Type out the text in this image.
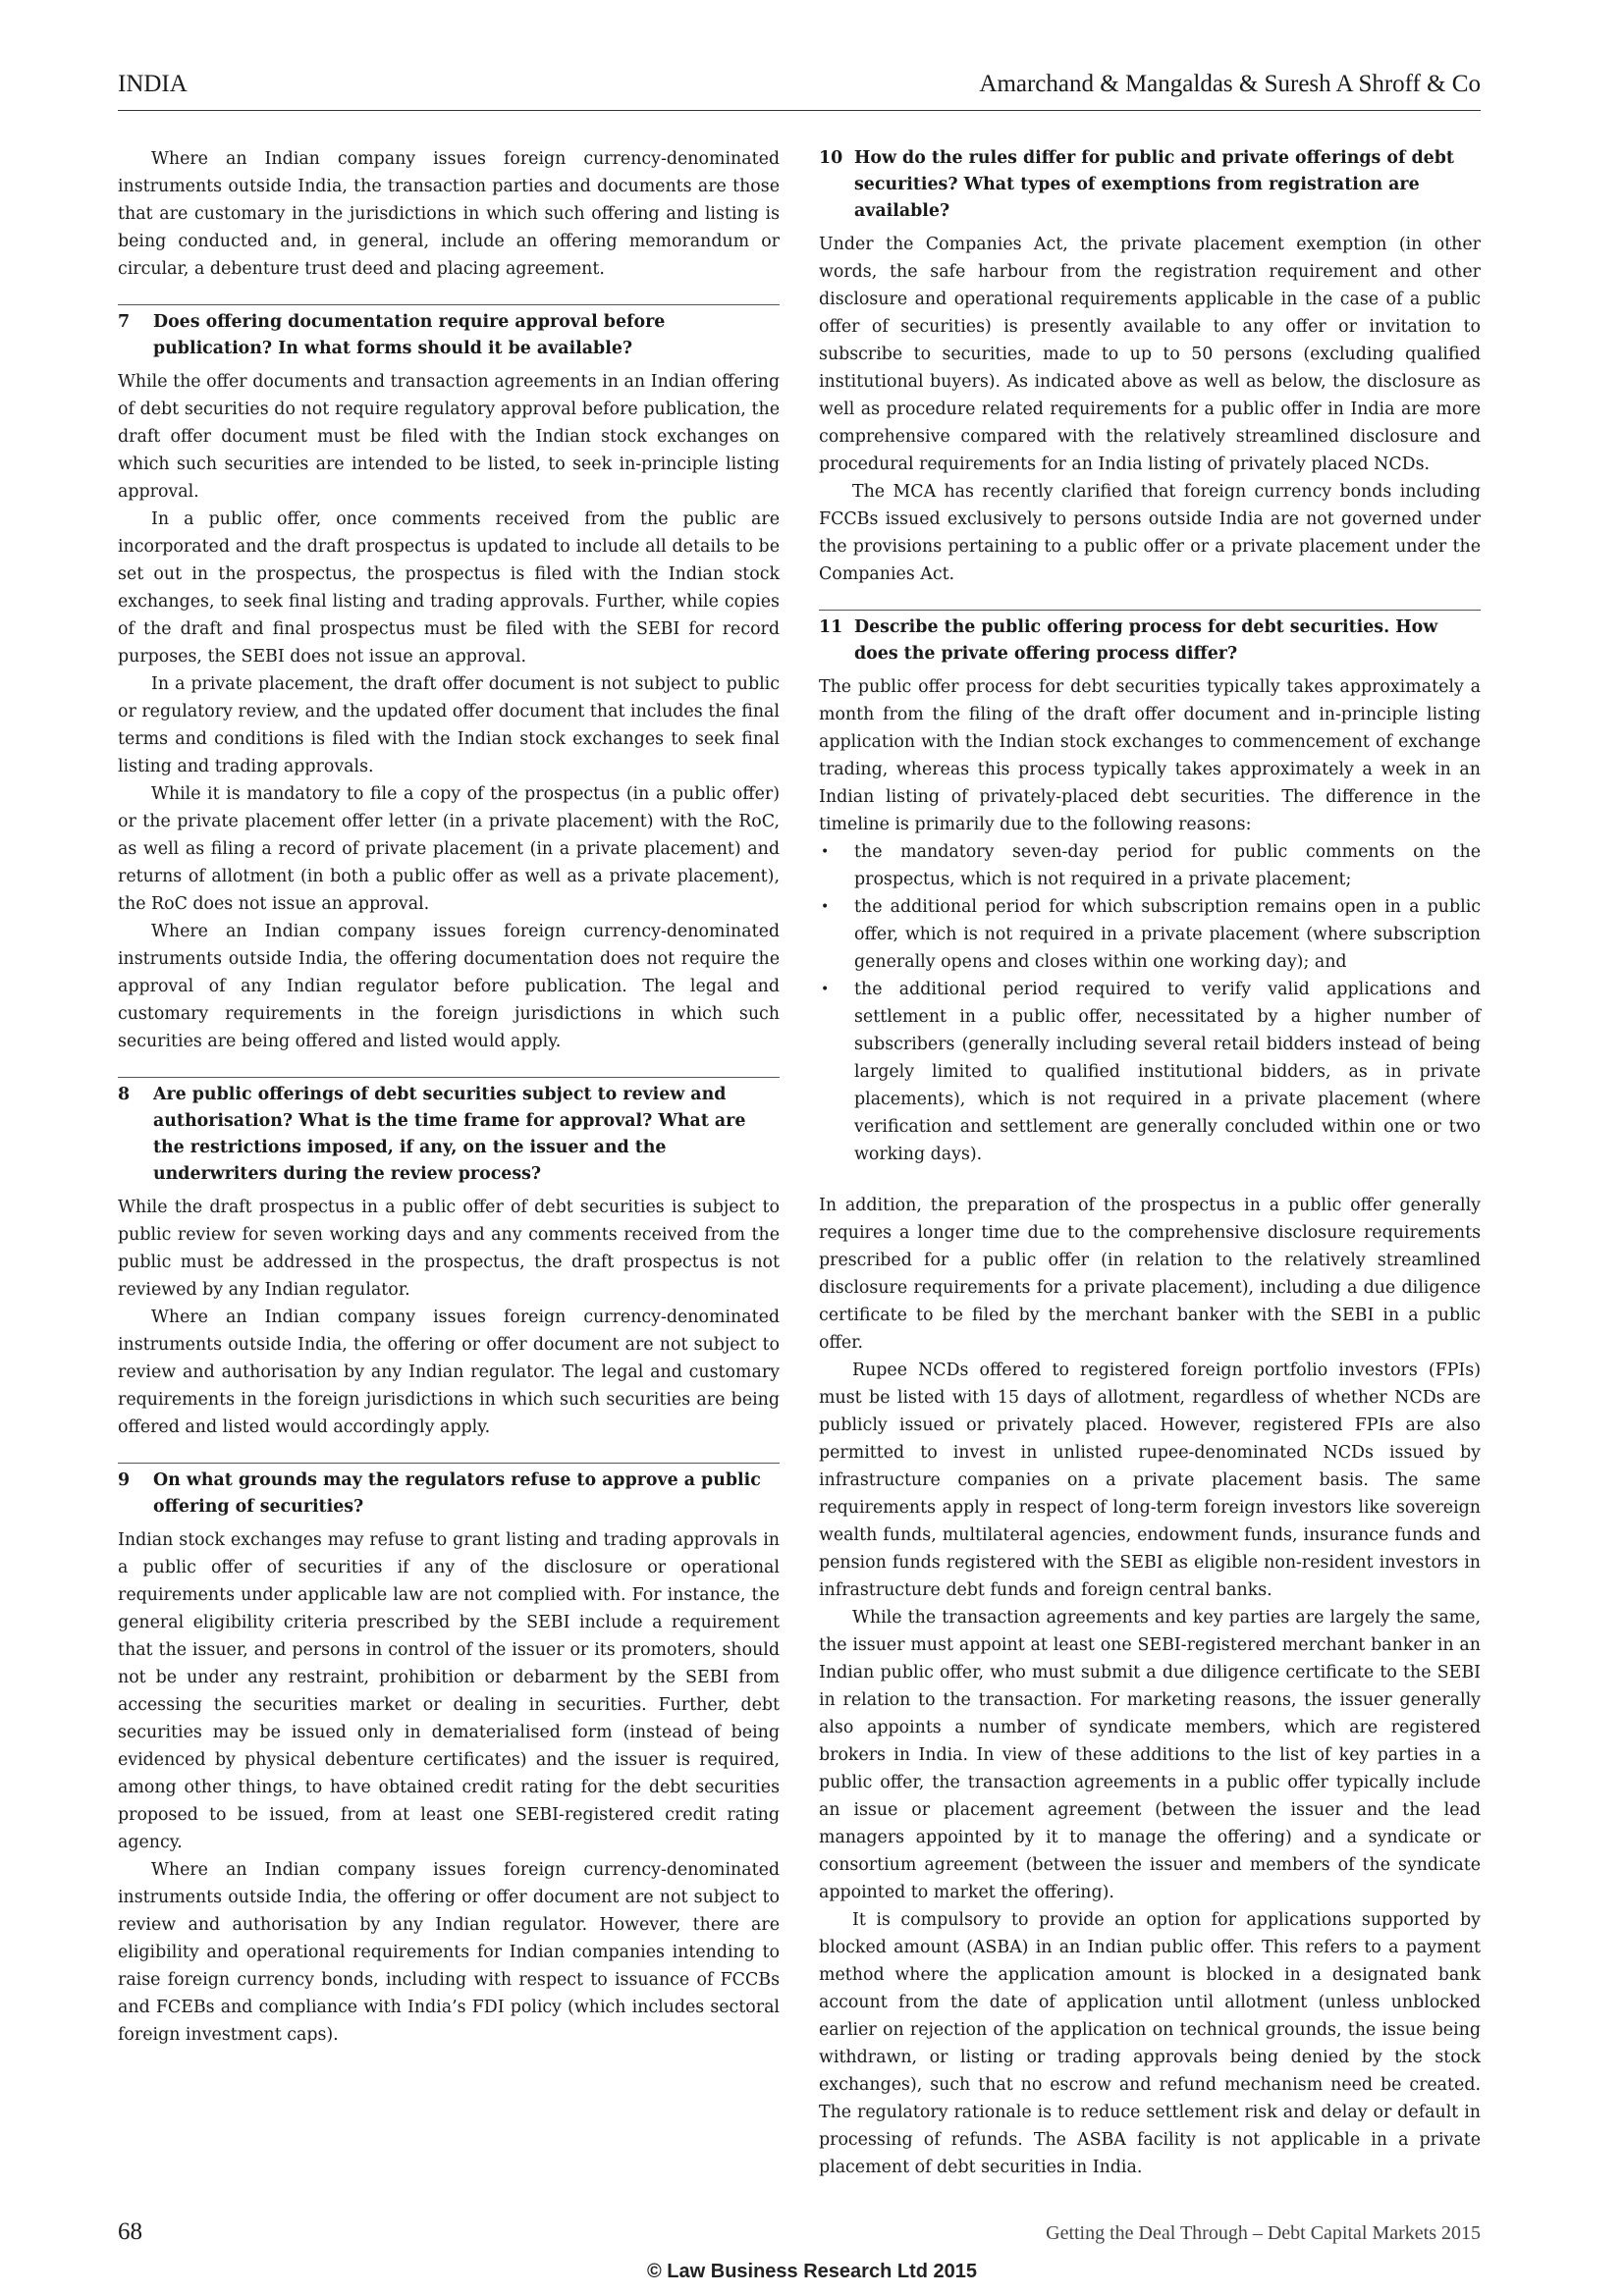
INDIA	Amarchand & Mangaldas & Suresh A Shroff & Co

Where an Indian company issues foreign currency-denominated instruments outside India, the transaction parties and documents are those that are customary in the jurisdictions in which such offering and listing is being conducted and, in general, include an offering memorandum or circular, a debenture trust deed and placing agreement.

7	Does offering documentation require approval before publication? In what forms should it be available?

While the offer documents and transaction agreements in an Indian offering of debt securities do not require regulatory approval before publication, the draft offer document must be filed with the Indian stock exchanges on which such securities are intended to be listed, to seek in-principle listing approval.

In a public offer, once comments received from the public are incorporated and the draft prospectus is updated to include all details to be set out in the prospectus, the prospectus is filed with the Indian stock exchanges, to seek final listing and trading approvals. Further, while copies of the draft and final prospectus must be filed with the SEBI for record purposes, the SEBI does not issue an approval.

In a private placement, the draft offer document is not subject to public or regulatory review, and the updated offer document that includes the final terms and conditions is filed with the Indian stock exchanges to seek final listing and trading approvals.

While it is mandatory to file a copy of the prospectus (in a public offer) or the private placement offer letter (in a private placement) with the RoC, as well as filing a record of private placement (in a private placement) and returns of allotment (in both a public offer as well as a private placement), the RoC does not issue an approval.

Where an Indian company issues foreign currency-denominated instruments outside India, the offering documentation does not require the approval of any Indian regulator before publication. The legal and customary requirements in the foreign jurisdictions in which such securities are being offered and listed would apply.

8	Are public offerings of debt securities subject to review and authorisation? What is the time frame for approval? What are the restrictions imposed, if any, on the issuer and the underwriters during the review process?

While the draft prospectus in a public offer of debt securities is subject to public review for seven working days and any comments received from the public must be addressed in the prospectus, the draft prospectus is not reviewed by any Indian regulator.

Where an Indian company issues foreign currency-denominated instruments outside India, the offering or offer document are not subject to review and authorisation by any Indian regulator. The legal and customary requirements in the foreign jurisdictions in which such securities are being offered and listed would accordingly apply.

9	On what grounds may the regulators refuse to approve a public offering of securities?

Indian stock exchanges may refuse to grant listing and trading approvals in a public offer of securities if any of the disclosure or operational requirements under applicable law are not complied with. For instance, the general eligibility criteria prescribed by the SEBI include a requirement that the issuer, and persons in control of the issuer or its promoters, should not be under any restraint, prohibition or debarment by the SEBI from accessing the securities market or dealing in securities. Further, debt securities may be issued only in dematerialised form (instead of being evidenced by physical debenture certificates) and the issuer is required, among other things, to have obtained credit rating for the debt securities proposed to be issued, from at least one SEBI-registered credit rating agency.

Where an Indian company issues foreign currency-denominated instruments outside India, the offering or offer document are not subject to review and authorisation by any Indian regulator. However, there are eligibility and operational requirements for Indian companies intending to raise foreign currency bonds, including with respect to issuance of FCCBs and FCEBs and compliance with India’s FDI policy (which includes sectoral foreign investment caps).

10 How do the rules differ for public and private offerings of debt securities? What types of exemptions from registration are available?

Under the Companies Act, the private placement exemption (in other words, the safe harbour from the registration requirement and other disclosure and operational requirements applicable in the case of a public offer of securities) is presently available to any offer or invitation to subscribe to securities, made to up to 50 persons (excluding qualified institutional buyers). As indicated above as well as below, the disclosure as well as procedure related requirements for a public offer in India are more comprehensive compared with the relatively streamlined disclosure and procedural requirements for an India listing of privately placed NCDs.

The MCA has recently clarified that foreign currency bonds including FCCBs issued exclusively to persons outside India are not governed under the provisions pertaining to a public offer or a private placement under the Companies Act.

11 Describe the public offering process for debt securities. How does the private offering process differ?

The public offer process for debt securities typically takes approximately a month from the filing of the draft offer document and in-principle listing application with the Indian stock exchanges to commencement of exchange trading, whereas this process typically takes approximately a week in an Indian listing of privately-placed debt securities. The difference in the timeline is primarily due to the following reasons:

• the mandatory seven-day period for public comments on the prospectus, which is not required in a private placement;
• the additional period for which subscription remains open in a public offer, which is not required in a private placement (where subscription generally opens and closes within one working day); and
• the additional period required to verify valid applications and settlement in a public offer, necessitated by a higher number of subscribers (generally including several retail bidders instead of being largely limited to qualified institutional bidders, as in private placements), which is not required in a private placement (where verification and settlement are generally concluded within one or two working days).

In addition, the preparation of the prospectus in a public offer generally requires a longer time due to the comprehensive disclosure requirements prescribed for a public offer (in relation to the relatively streamlined disclosure requirements for a private placement), including a due diligence certificate to be filed by the merchant banker with the SEBI in a public offer.

Rupee NCDs offered to registered foreign portfolio investors (FPIs) must be listed with 15 days of allotment, regardless of whether NCDs are publicly issued or privately placed. However, registered FPIs are also permitted to invest in unlisted rupee-denominated NCDs issued by infrastructure companies on a private placement basis. The same requirements apply in respect of long-term foreign investors like sovereign wealth funds, multilateral agencies, endowment funds, insurance funds and pension funds registered with the SEBI as eligible non-resident investors in infrastructure debt funds and foreign central banks.

While the transaction agreements and key parties are largely the same, the issuer must appoint at least one SEBI-registered merchant banker in an Indian public offer, who must submit a due diligence certificate to the SEBI in relation to the transaction. For marketing reasons, the issuer generally also appoints a number of syndicate members, which are registered brokers in India. In view of these additions to the list of key parties in a public offer, the transaction agreements in a public offer typically include an issue or placement agreement (between the issuer and the lead managers appointed by it to manage the offering) and a syndicate or consortium agreement (between the issuer and members of the syndicate appointed to market the offering).

It is compulsory to provide an option for applications supported by blocked amount (ASBA) in an Indian public offer. This refers to a payment method where the application amount is blocked in a designated bank account from the date of application until allotment (unless unblocked earlier on rejection of the application on technical grounds, the issue being withdrawn, or listing or trading approvals being denied by the stock exchanges), such that no escrow and refund mechanism need be created. The regulatory rationale is to reduce settlement risk and delay or default in processing of refunds. The ASBA facility is not applicable in a private placement of debt securities in India.

68	Getting the Deal Through – Debt Capital Markets 2015
© Law Business Research Ltd 2015
